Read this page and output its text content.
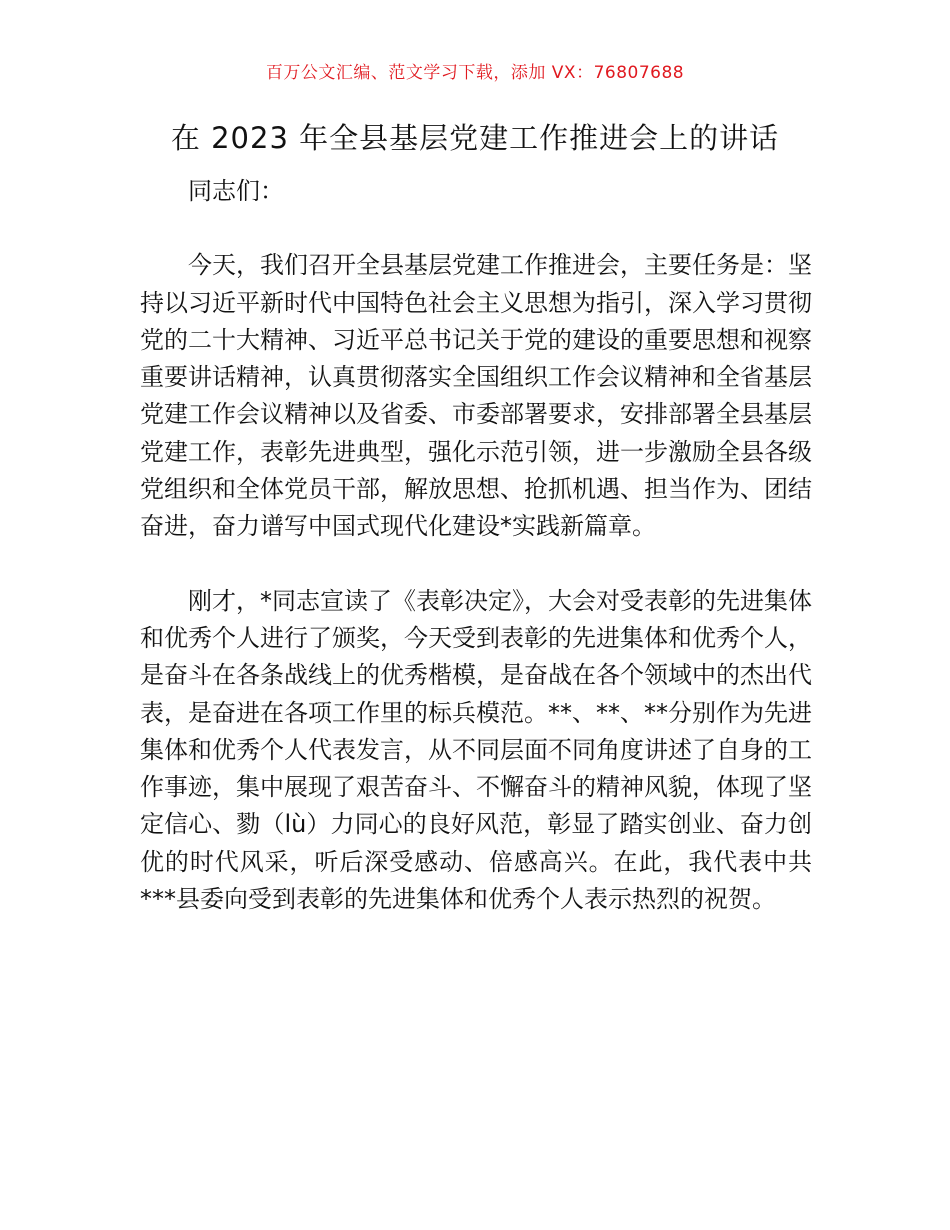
百万公文汇编、范文学习下载，添加 VX：76807688
在 2023 年全县基层党建工作推进会上的讲话

同志们：

今天，我们召开全县基层党建工作推进会，主要任务是：坚持以习近平新时代中国特色社会主义思想为指引，深入学习贯彻党的二十大精神、习近平总书记关于党的建设的重要思想和视察重要讲话精神，认真贯彻落实全国组织工作会议精神和全省基层党建工作会议精神以及省委、市委部署要求，安排部署全县基层党建工作，表彰先进典型，强化示范引领，进一步激励全县各级党组织和全体党员干部，解放思想、抢抓机遇、担当作为、团结奋进，奋力谱写中国式现代化建设*实践新篇章。

刚才，*同志宣读了《表彰决定》，大会对受表彰的先进集体和优秀个人进行了颁奖，今天受到表彰的先进集体和优秀个人，是奋斗在各条战线上的优秀楷模，是奋战在各个领域中的杰出代表，是奋进在各项工作里的标兵模范。**、**、**分别作为先进集体和优秀个人代表发言，从不同层面不同角度讲述了自身的工作事迹，集中展现了艰苦奋斗、不懈奋斗的精神风貌，体现了坚定信心、勠（lù）力同心的良好风范，彰显了踏实创业、奋力创优的时代风采，听后深受感动、倍感高兴。在此，我代表中共***县委向受到表彰的先进集体和优秀个人表示热烈的祝贺。
